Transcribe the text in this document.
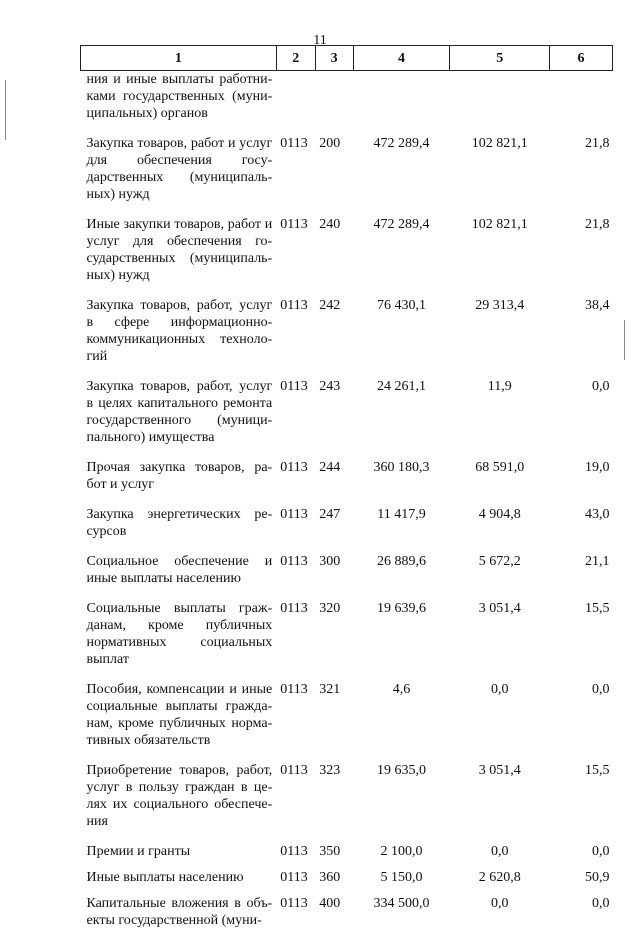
11
1	2	3	4	5	6
ния и иные выплаты работни-ками государственных (муни-ципальных) органов					
Закупка товаров, работ и услуг для обеспечения госу-дарственных (муниципаль-ных) нужд	0113	200	472 289,4	102 821,1	21,8
Иные закупки товаров, работ и услуг для обеспечения го-сударственных (муниципаль-ных) нужд	0113	240	472 289,4	102 821,1	21,8
Закупка товаров, работ, услуг в сфере информационно-коммуникационных техноло-гий	0113	242	76 430,1	29 313,4	38,4
Закупка товаров, работ, услуг в целях капитального ремонта государственного (муници-пального) имущества	0113	243	24 261,1	11,9	0,0
Прочая закупка товаров, ра-бот и услуг	0113	244	360 180,3	68 591,0	19,0
Закупка энергетических ре-сурсов	0113	247	11 417,9	4 904,8	43,0
Социальное обеспечение и иные выплаты населению	0113	300	26 889,6	5 672,2	21,1
Социальные выплаты граж-данам, кроме публичных нормативных социальных выплат	0113	320	19 639,6	3 051,4	15,5
Пособия, компенсации и иные социальные выплаты гражда-нам, кроме публичных норма-тивных обязательств	0113	321	4,6	0,0	0,0
Приобретение товаров, работ, услуг в пользу граждан в це-лях их социального обеспече-ния	0113	323	19 635,0	3 051,4	15,5
Премии и гранты	0113	350	2 100,0	0,0	0,0
Иные выплаты населению	0113	360	5 150,0	2 620,8	50,9
Капитальные вложения в объ-екты государственной (муни-	0113	400	334 500,0	0,0	0,0
